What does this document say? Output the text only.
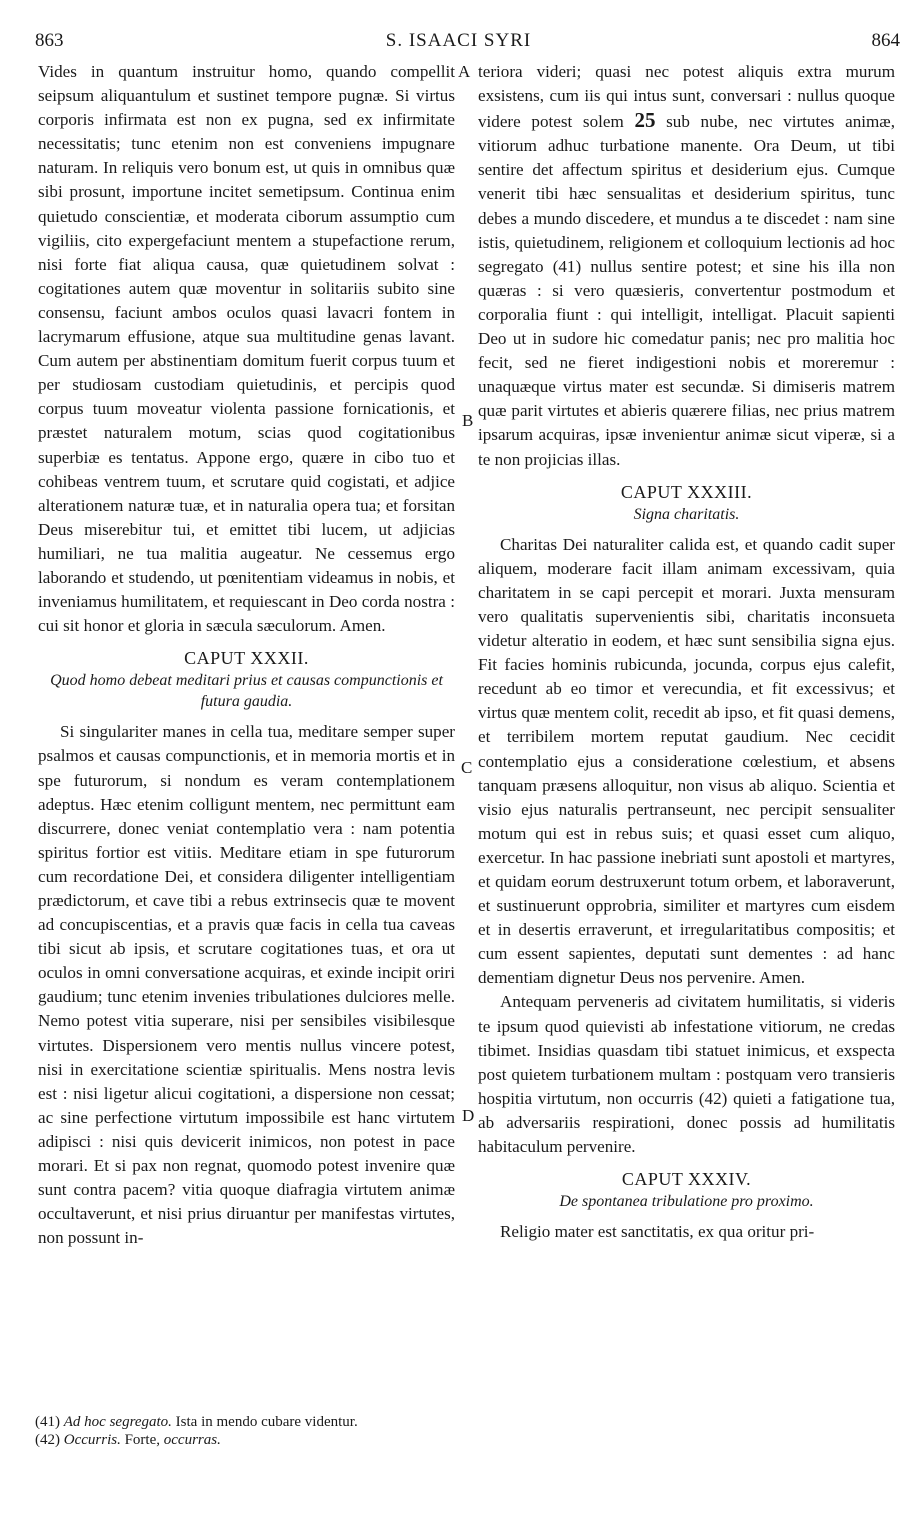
863	S. ISAACI SYRI	864
A
B
C
D

Vides in quantum instruitur homo, quando compellit seipsum aliquantulum et sustinet tempore pugnæ. Si virtus corporis infirmata est non ex pugna, sed ex infirmitate necessitatis; tunc etenim non est conveniens impugnare naturam. In reliquis vero bonum est, ut quis in omnibus quæ sibi prosunt, importune incitet semetipsum. Continua enim quietudo conscientiæ, et moderata ciborum assumptio cum vigiliis, cito expergefaciunt mentem a stupefactione rerum, nisi forte fiat aliqua causa, quæ quietudinem solvat : cogitationes autem quæ moventur in solitariis subito sine consensu, faciunt ambos oculos quasi lavacri fontem in lacrymarum effusione, atque sua multitudine genas lavant. Cum autem per abstinentiam domitum fuerit corpus tuum et per studiosam custodiam quietudinis, et percipis quod corpus tuum moveatur violenta passione fornicationis, et præstet naturalem motum, scias quod cogitationibus superbiæ es tentatus. Appone ergo, quære in cibo tuo et cohibeas ventrem tuum, et scrutare quid cogistati, et adjice alterationem naturæ tuæ, et in naturalia opera tua; et forsitan Deus miserebitur tui, et emittet tibi lucem, ut adjicias humiliari, ne tua malitia augeatur. Ne cessemus ergo laborando et studendo, ut pœnitentiam videamus in nobis, et inveniamus humilitatem, et requiescant in Deo corda nostra : cui sit honor et gloria in sæcula sæculorum. Amen.

CAPUT XXXII.
Quod homo debeat meditari prius et causas compunctionis et futura gaudia.

Si singulariter manes in cella tua, meditare semper super psalmos et causas compunctionis, et in memoria mortis et in spe futurorum, si nondum es veram contemplationem adeptus. Hæc etenim colligunt mentem, nec permittunt eam discurrere, donec veniat contemplatio vera : nam potentia spiritus fortior est vitiis. Meditare etiam in spe futurorum cum recordatione Dei, et considera diligenter intelligentiam prædictorum, et cave tibi a rebus extrinsecis quæ te movent ad concupiscentias, et a pravis quæ facis in cella tua caveas tibi sicut ab ipsis, et scrutare cogitationes tuas, et ora ut oculos in omni conversatione acquiras, et exinde incipit oriri gaudium; tunc etenim invenies tribulationes dulciores melle. Nemo potest vitia superare, nisi per sensibiles visibilesque virtutes. Dispersionem vero mentis nullus vincere potest, nisi in exercitatione scientiæ spiritualis. Mens nostra levis est : nisi ligetur alicui cogitationi, a dispersione non cessat; ac sine perfectione virtutum impossibile est hanc virtutem adipisci : nisi quis devicerit inimicos, non potest in pace morari. Et si pax non regnat, quomodo potest invenire quæ sunt contra pacem? vitia quoque diafragia virtutem animæ occultaverunt, et nisi prius diruantur per manifestas virtutes, non possunt in-

teriora videri; quasi nec potest aliquis extra murum exsistens, cum iis qui intus sunt, conversari : nullus quoque videre potest solem 25 sub nube, nec virtutes animæ, vitiorum adhuc turbatione manente. Ora Deum, ut tibi sentire det affectum spiritus et desiderium ejus. Cumque venerit tibi hæc sensualitas et desiderium spiritus, tunc debes a mundo discedere, et mundus a te discedet : nam sine istis, quietudinem, religionem et colloquium lectionis ad hoc segregato (41) nullus sentire potest; et sine his illa non quæras : si vero quæsieris, convertentur postmodum et corporalia fiunt : qui intelligit, intelligat. Placuit sapienti Deo ut in sudore hic comedatur panis; nec pro malitia hoc fecit, sed ne fieret indigestioni nobis et moreremur : unaquæque virtus mater est secundæ. Si dimiseris matrem quæ parit virtutes et abieris quærere filias, nec prius matrem ipsarum acquiras, ipsæ invenientur animæ sicut viperæ, si a te non projicias illas.

CAPUT XXXIII.
Signa charitatis.

Charitas Dei naturaliter calida est, et quando cadit super aliquem, moderare facit illam animam excessivam, quia charitatem in se capi percepit et morari. Juxta mensuram vero qualitatis supervenientis sibi, charitatis inconsueta videtur alteratio in eodem, et hæc sunt sensibilia signa ejus. Fit facies hominis rubicunda, jocunda, corpus ejus calefit, recedunt ab eo timor et verecundia, et fit excessivus; et virtus quæ mentem colit, recedit ab ipso, et fit quasi demens, et terribilem mortem reputat gaudium. Nec cecidit contemplatio ejus a consideratione cœlestium, et absens tanquam præsens alloquitur, non visus ab aliquo. Scientia et visio ejus naturalis pertranseunt, nec percipit sensualiter motum qui est in rebus suis; et quasi esset cum aliquo, exercetur. In hac passione inebriati sunt apostoli et martyres, et quidam eorum destruxerunt totum orbem, et laboraverunt, et sustinuerunt opprobria, similiter et martyres cum eisdem et in desertis erraverunt, et irregularitatibus compositis; et cum essent sapientes, deputati sunt dementes : ad hanc dementiam dignetur Deus nos pervenire. Amen.

Antequam perveneris ad civitatem humilitatis, si videris te ipsum quod quievisti ab infestatione vitiorum, ne credas tibimet. Insidias quasdam tibi statuet inimicus, et exspecta post quietem turbationem multam : postquam vero transieris hospitia virtutum, non occurris (42) quieti a fatigatione tua, ab adversariis respirationi, donec possis ad humilitatis habitaculum pervenire.

CAPUT XXXIV.
De spontanea tribulatione pro proximo.

Religio mater est sanctitatis, ex qua oritur pri-

(41) Ad hoc segregato. Ista in mendo cubare videntur.
(42) Occurris. Forte, occurras.
